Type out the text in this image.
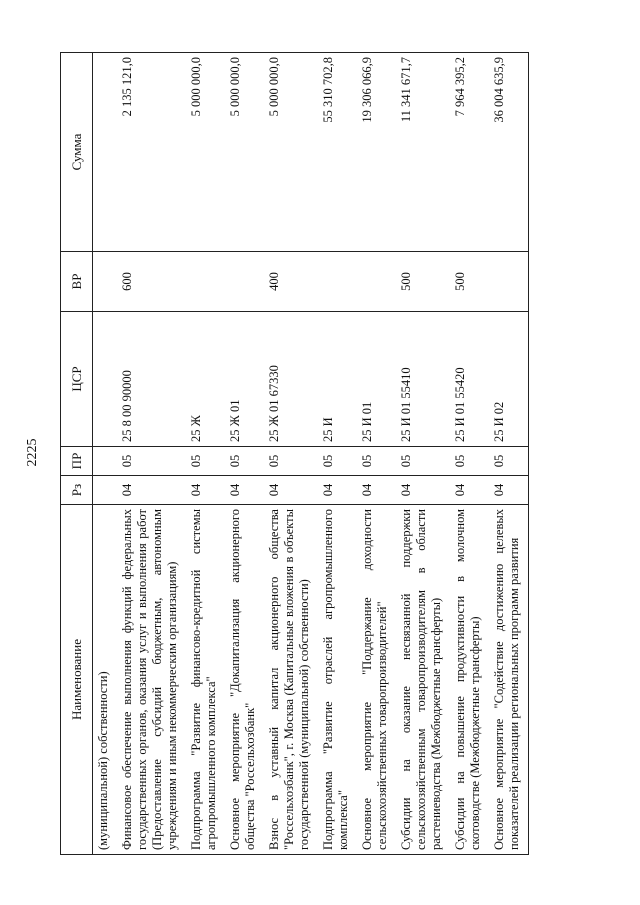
2225
Наименование	Рз	ПР	ЦСР	ВР	Сумма
(муниципальной) собственности)					
Финансовое обеспечение выполнения функций федеральных государственных органов, оказания услуг и выполнения работ (Предоставление субсидий бюджетным, автономным учреждениям и иным некоммерческим организациям)	04	05	25 8 00 90000	600	2 135 121,0
Подпрограмма "Развитие финансово-кредитной системы агропромышленного комплекса"	04	05	25 Ж		5 000 000,0
Основное мероприятие "Докапитализация акционерного общества "Россельхозбанк"	04	05	25 Ж 01		5 000 000,0
Взнос в уставный капитал акционерного общества "Россельхозбанк", г. Москва (Капитальные вложения в объекты государственной (муниципальной) собственности)	04	05	25 Ж 01 67330	400	5 000 000,0
Подпрограмма "Развитие отраслей агропромышленного комплекса"	04	05	25 И		55 310 702,8
Основное мероприятие "Поддержание доходности сельскохозяйственных товаропроизводителей"	04	05	25 И 01		19 306 066,9
Субсидии на оказание несвязанной поддержки сельскохозяйственным товаропроизводителям в области растениеводства (Межбюджетные трансферты)	04	05	25 И 01 55410	500	11 341 671,7
Субсидии на повышение продуктивности в молочном скотоводстве (Межбюджетные трансферты)	04	05	25 И 01 55420	500	7 964 395,2
Основное мероприятие "Содействие достижению целевых показателей реализации региональных программ развития	04	05	25 И 02		36 004 635,9
